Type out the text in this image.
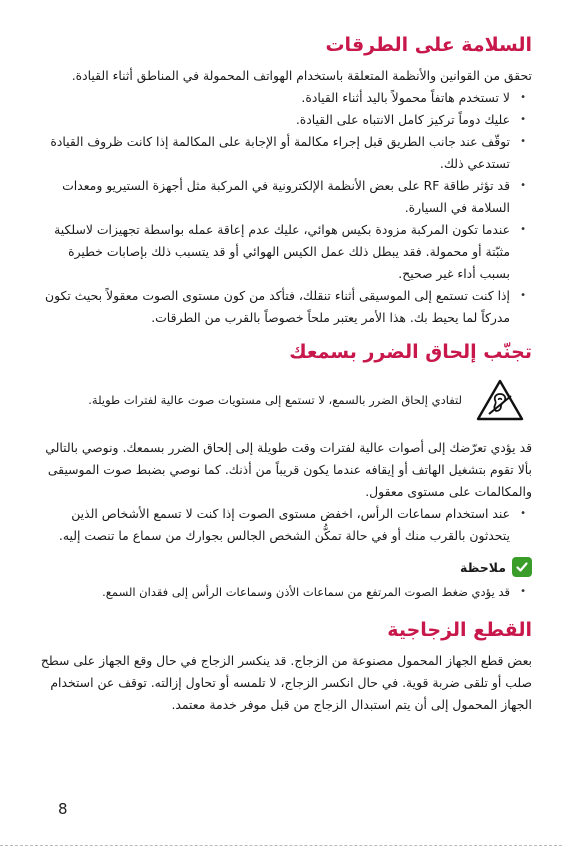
السلامة على الطرقات

تحقق من القوانين والأنظمة المتعلقة باستخدام الهواتف المحمولة في المناطق أثناء القيادة.

• لا تستخدم هاتفاً محمولاً باليد أثناء القيادة.
• عليك دوماً تركيز كامل الانتباه على القيادة.
• توقّف عند جانب الطريق قبل إجراء مكالمة أو الإجابة على المكالمة إذا كانت ظروف القيادة تستدعي ذلك.
• قد تؤثر طاقة RF على بعض الأنظمة الإلكترونية في المركبة مثل أجهزة الستيريو ومعدات السلامة في السيارة.
• عندما تكون المركبة مزودة بكيس هوائي، عليك عدم إعاقة عمله بواسطة تجهيزات لاسلكية مثبّتة أو محمولة. فقد يبطل ذلك عمل الكيس الهوائي أو قد يتسبب ذلك بإصابات خطيرة بسبب أداء غير صحيح.
• إذا كنت تستمع إلى الموسيقى أثناء تنقلك، فتأكد من كون مستوى الصوت معقولاً بحيث تكون مدركاً لما يحيط بك. هذا الأمر يعتبر ملحاً خصوصاً بالقرب من الطرقات.
تجنّب إلحاق الضرر بسمعك
لتفادي إلحاق الضرر بالسمع، لا تستمع إلى مستويات صوت عالية لفترات طويلة.

قد يؤدي تعرّضك إلى أصوات عالية لفترات وقت طويلة إلى إلحاق الضرر بسمعك. ونوصي بالتالي بألا تقوم بتشغيل الهاتف أو إيقافه عندما يكون قريباً من أذنك. كما نوصي بضبط صوت الموسيقى والمكالمات على مستوى معقول.

• عند استخدام سماعات الرأس، اخفض مستوى الصوت إذا كنت لا تسمع الأشخاص الذين يتحدثون بالقرب منك أو في حالة تمكُّن الشخص الجالس بجوارك من سماع ما تنصت إليه.
ملاحظة
• قد يؤدي ضغط الصوت المرتفع من سماعات الأذن وسماعات الرأس إلى فقدان السمع.
القطع الزجاجية

بعض قطع الجهاز المحمول مصنوعة من الزجاج. قد ينكسر الزجاج في حال وقع الجهاز على سطح صلب أو تلقى ضربة قوية. في حال انكسر الزجاج، لا تلمسه أو تحاول إزالته. توقف عن استخدام الجهاز المحمول إلى أن يتم استبدال الزجاج من قبل موفر خدمة معتمد.

8
